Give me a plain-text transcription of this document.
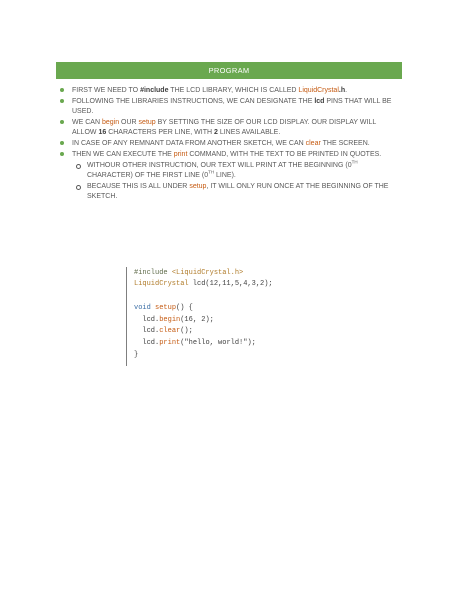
PROGRAM
FIRST WE NEED TO #include THE LCD LIBRARY, WHICH IS CALLED LiquidCrystal.h.
FOLLOWING THE LIBRARIES INSTRUCTIONS, WE CAN DESIGNATE THE lcd PINS THAT WILL BE USED.
WE CAN begin OUR setup BY SETTING THE SIZE OF OUR LCD DISPLAY. OUR DISPLAY WILL ALLOW 16 CHARACTERS PER LINE, WITH 2 LINES AVAILABLE.
IN CASE OF ANY REMNANT DATA FROM ANOTHER SKETCH, WE CAN clear THE SCREEN.
THEN WE CAN EXECUTE THE print COMMAND, WITH THE TEXT TO BE PRINTED IN QUOTES.
WITHOUR OTHER INSTRUCTION, OUR TEXT WILL PRINT AT THE BEGINNING (0TH CHARACTER) OF THE FIRST LINE (0TH LINE).
BECAUSE THIS IS ALL UNDER setup, IT WILL ONLY RUN ONCE AT THE BEGINNING OF THE SKETCH.
#include <LiquidCrystal.h>
LiquidCrystal lcd(12,11,5,4,3,2);
void setup() {
lcd.begin(16, 2);
lcd.clear();
lcd.print("hello, world!");
}
